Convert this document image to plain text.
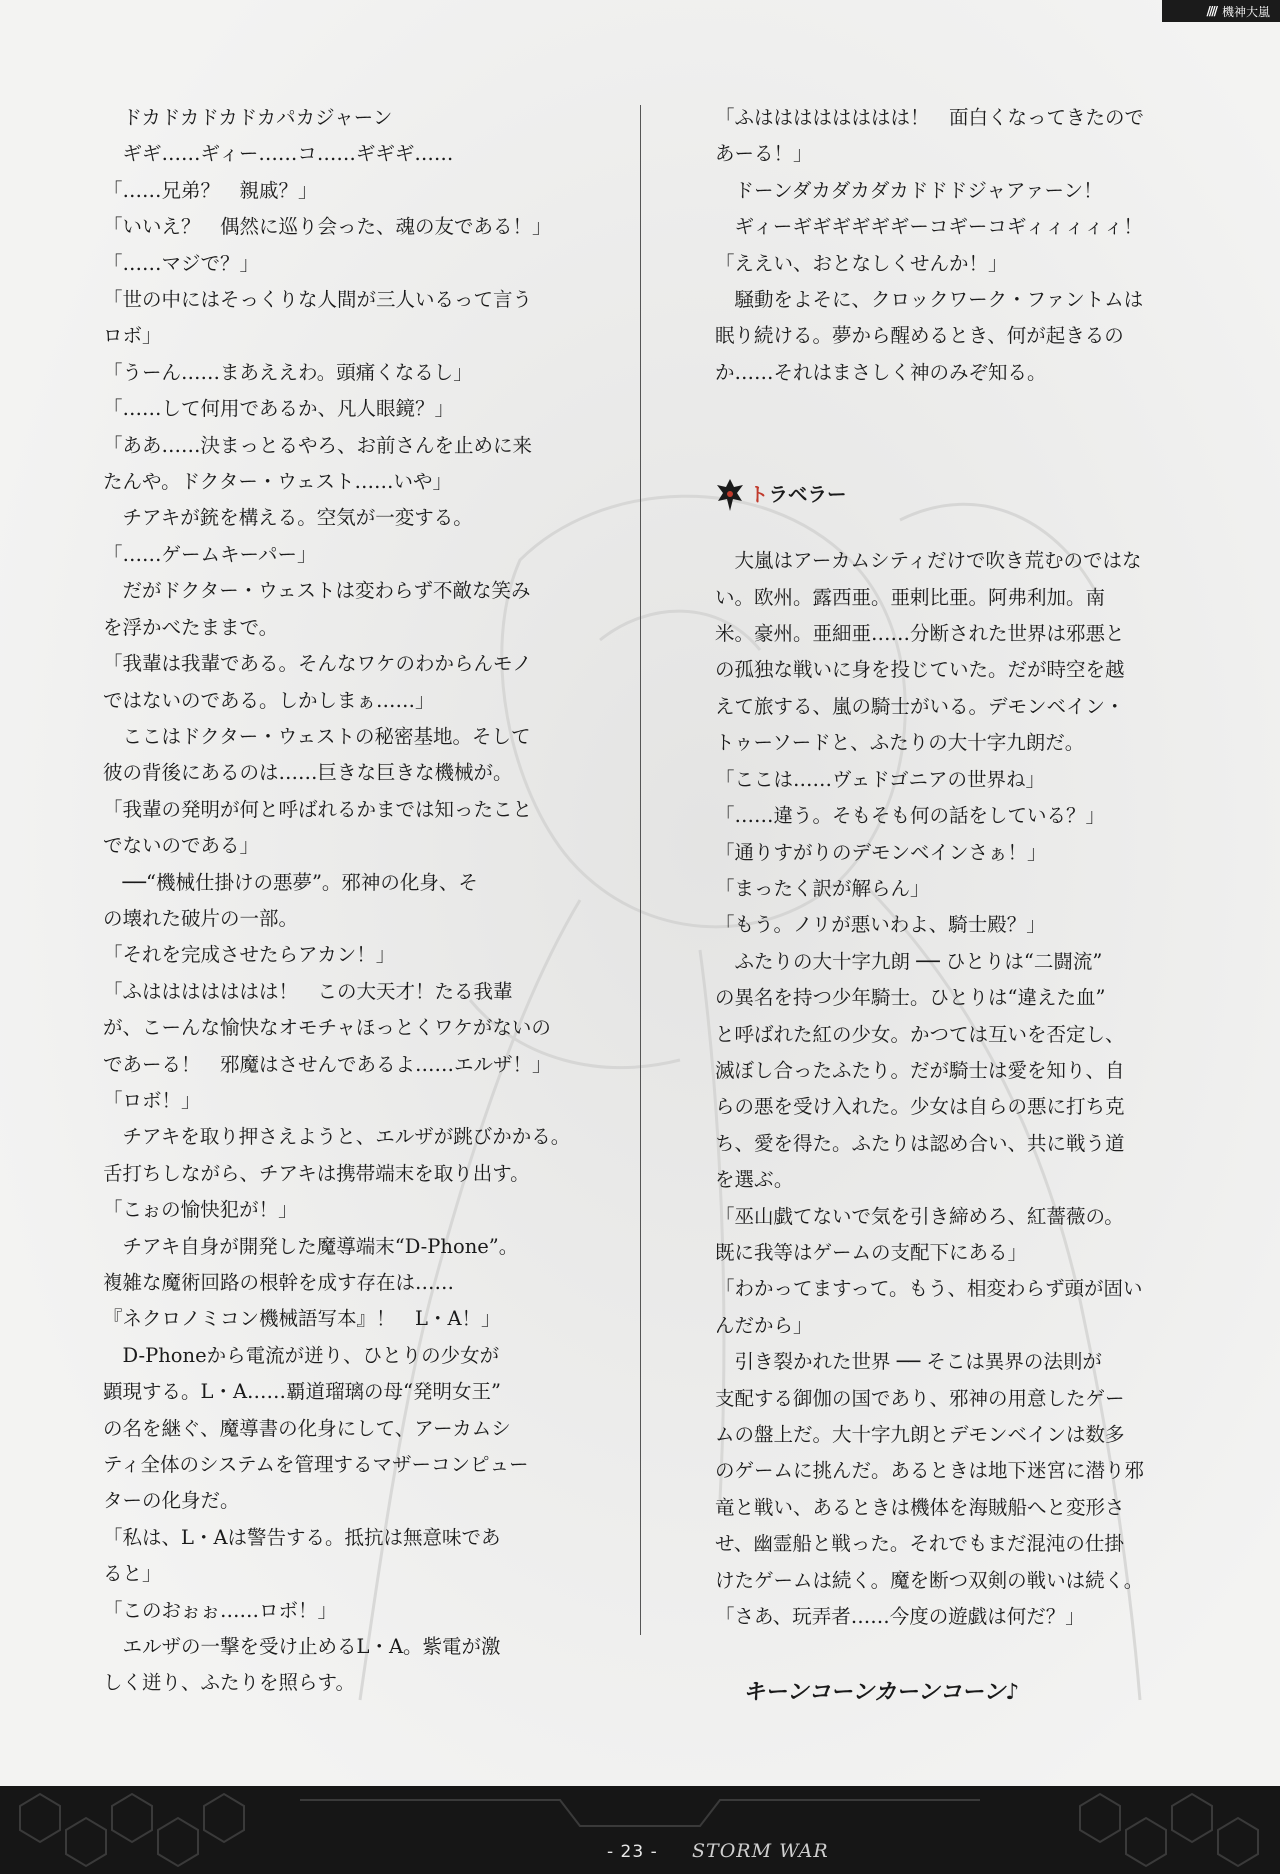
//// 機神大嵐

　ドカドカドカドカパカジャーン

　ギギ……ギィー……コ……ギギギ……

「……兄弟？　親戚？」

「いいえ？　偶然に巡り会った、魂の友である！」

「……マジで？」

「世の中にはそっくりな人間が三人いるって言う

ロボ」

「うーん……まあええわ。頭痛くなるし」

「……して何用であるか、凡人眼鏡？」

「ああ……決まっとるやろ、お前さんを止めに来

たんや。ドクター・ウェスト……いや」

　チアキが銃を構える。空気が一変する。

「……ゲームキーパー」

　だがドクター・ウェストは変わらず不敵な笑み

を浮かべたままで。

「我輩は我輩である。そんなワケのわからんモノ

ではないのである。しかしまぁ……」

　ここはドクター・ウェストの秘密基地。そして

彼の背後にあるのは……巨きな巨きな機械が。

「我輩の発明が何と呼ばれるかまでは知ったこと

でないのである」

　──“機械仕掛けの悪夢”。邪神の化身、そ

の壊れた破片の一部。

「それを完成させたらアカン！」

「ふははははははは！　この大天才！たる我輩

が、こーんな愉快なオモチャほっとくワケがないの

であーる！　邪魔はさせんであるよ……エルザ！」

「ロボ！」

　チアキを取り押さえようと、エルザが跳びかかる。

舌打ちしながら、チアキは携帯端末を取り出す。

「こぉの愉快犯が！」

　チアキ自身が開発した魔導端末“D-Phone”。

複雑な魔術回路の根幹を成す存在は……

『ネクロノミコン機械語写本』！　L・A！」

　D-Phoneから電流が迸り、ひとりの少女が

顕現する。L・A……覇道瑠璃の母“発明女王”

の名を継ぐ、魔導書の化身にして、アーカムシ

ティ全体のシステムを管理するマザーコンピュー

ターの化身だ。

「私は、L・Aは警告する。抵抗は無意味であ

ると」

「このおぉぉ……ロボ！」

　エルザの一撃を受け止めるL・A。紫電が激

しく迸り、ふたりを照らす。

「ふはははははははは！　面白くなってきたので

あーる！」

　ドーンダカダカダカドドドジャアァーン！

　ギィーギギギギギギーコギーコギィィィィィ！

「ええい、おとなしくせんか！」

　騒動をよそに、クロックワーク・ファントムは

眠り続ける。夢から醒めるとき、何が起きるの

か……それはまさしく神のみぞ知る。

トラベラー

　大嵐はアーカムシティだけで吹き荒むのではな

い。欧州。露西亜。亜剌比亜。阿弗利加。南

米。豪州。亜細亜……分断された世界は邪悪と

の孤独な戦いに身を投じていた。だが時空を越

えて旅する、嵐の騎士がいる。デモンベイン・

トゥーソードと、ふたりの大十字九朗だ。

「ここは……ヴェドゴニアの世界ね」

「……違う。そもそも何の話をしている？」

「通りすがりのデモンベインさぁ！」

「まったく訳が解らん」

「もう。ノリが悪いわよ、騎士殿？」

　ふたりの大十字九朗 ── ひとりは“二闘流”

の異名を持つ少年騎士。ひとりは“違えた血”

と呼ばれた紅の少女。かつては互いを否定し、

滅ぼし合ったふたり。だが騎士は愛を知り、自

らの悪を受け入れた。少女は自らの悪に打ち克

ち、愛を得た。ふたりは認め合い、共に戦う道

を選ぶ。

「巫山戯てないで気を引き締めろ、紅薔薇の。

既に我等はゲームの支配下にある」

「わかってますって。もう、相変わらず頭が固い

んだから」

　引き裂かれた世界 ── そこは異界の法則が

支配する御伽の国であり、邪神の用意したゲー

ムの盤上だ。大十字九朗とデモンベインは数多

のゲームに挑んだ。あるときは地下迷宮に潜り邪

竜と戦い、あるときは機体を海賊船へと変形さ

せ、幽霊船と戦った。それでもまだ混沌の仕掛

けたゲームは続く。魔を断つ双剣の戦いは続く。

「さあ、玩弄者……今度の遊戯は何だ？」

キーンコーンカーンコーン♪
- 23 - STORM WAR
